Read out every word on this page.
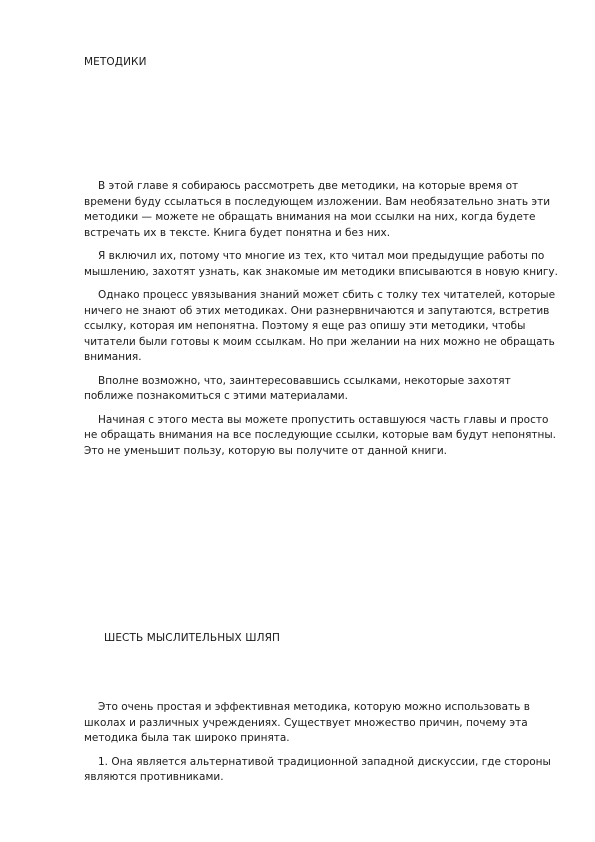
МЕТОДИКИ

В этой главе я собираюсь рассмотреть две методики, на которые время от времени буду ссылаться в последующем изложении. Вам необязательно знать эти методики — можете не обращать внимания на мои ссылки на них, когда будете встречать их в тексте. Книга будет понятна и без них.

Я включил их, потому что многие из тех, кто читал мои предыдущие работы по мышлению, захотят узнать, как знакомые им методики вписываются в новую книгу.

Однако процесс увязывания знаний может сбить с толку тех читателей, которые ничего не знают об этих методиках. Они разнервничаются и запутаются, встретив ссылку, которая им непонятна. Поэтому я еще раз опишу эти методики, чтобы читатели были готовы к моим ссылкам. Но при желании на них можно не обращать внимания.

Вполне возможно, что, заинтересовавшись ссылками, некоторые захотят поближе познакомиться с этими материалами.

Начиная с этого места вы можете пропустить оставшуюся часть главы и просто не обращать внимания на все последующие ссылки, которые вам будут непонятны. Это не уменьшит пользу, которую вы получите от данной книги.

ШЕСТЬ МЫСЛИТЕЛЬНЫХ ШЛЯП

Это очень простая и эффективная методика, которую можно использовать в школах и различных учреждениях. Существует множество причин, почему эта методика была так широко принята.

1. Она является альтернативой традиционной западной дискуссии, где стороны являются противниками.
